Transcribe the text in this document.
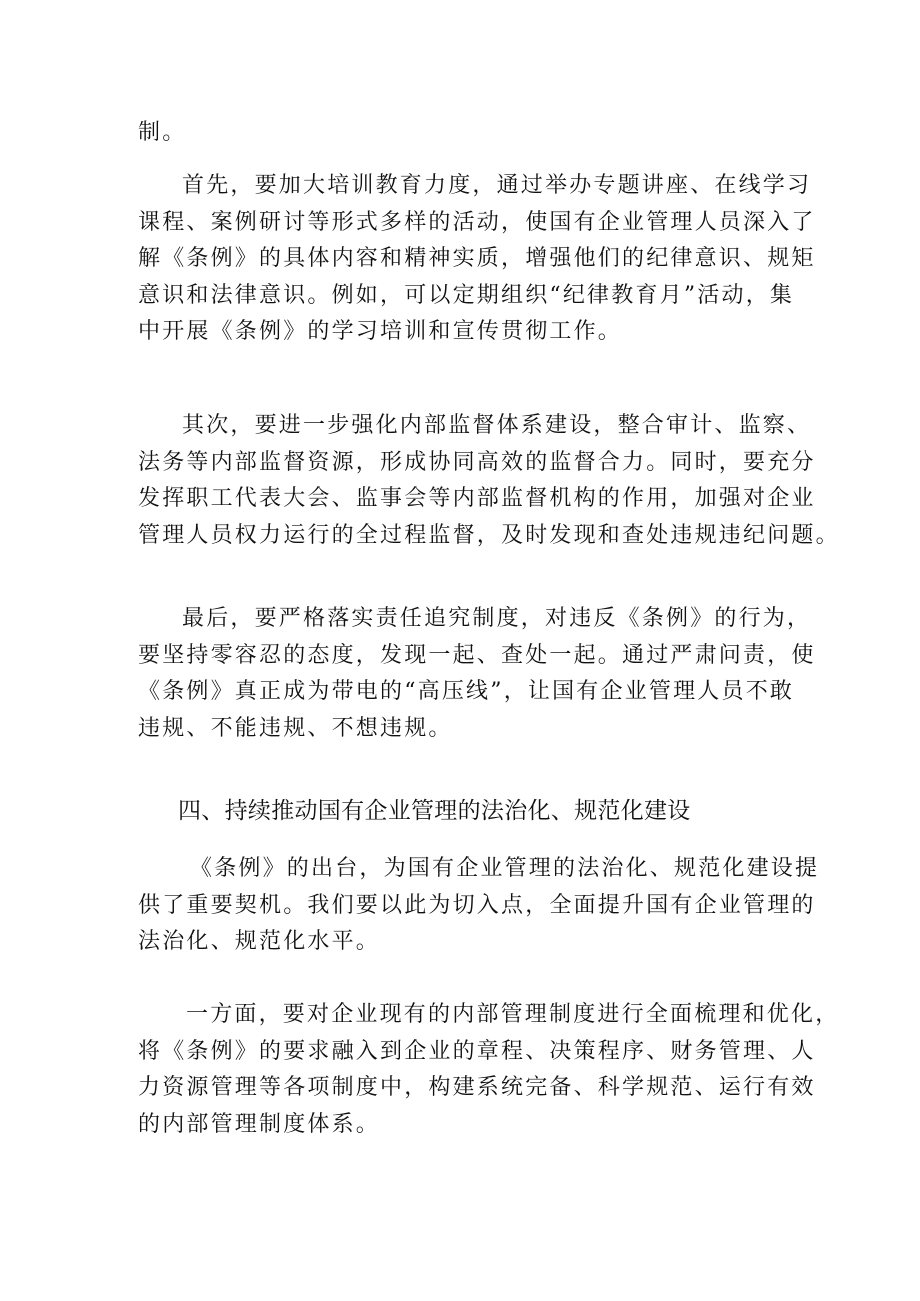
制。

首先，要加大培训教育力度，通过举办专题讲座、在线学习
课程、案例研讨等形式多样的活动，使国有企业管理人员深入了
解《条例》的具体内容和精神实质，增强他们的纪律意识、规矩
意识和法律意识。例如，可以定期组织“纪律教育月”活动，集
中开展《条例》的学习培训和宣传贯彻工作。

其次，要进一步强化内部监督体系建设，整合审计、监察、
法务等内部监督资源，形成协同高效的监督合力。同时，要充分
发挥职工代表大会、监事会等内部监督机构的作用，加强对企业
管理人员权力运行的全过程监督，及时发现和查处违规违纪问题。

最后，要严格落实责任追究制度，对违反《条例》的行为，
要坚持零容忍的态度，发现一起、查处一起。通过严肃问责，使
《条例》真正成为带电的“高压线”，让国有企业管理人员不敢
违规、不能违规、不想违规。

四、持续推动国有企业管理的法治化、规范化建设

《条例》的出台，为国有企业管理的法治化、规范化建设提
供了重要契机。我们要以此为切入点，全面提升国有企业管理的
法治化、规范化水平。

一方面，要对企业现有的内部管理制度进行全面梳理和优化，
将《条例》的要求融入到企业的章程、决策程序、财务管理、人
力资源管理等各项制度中，构建系统完备、科学规范、运行有效
的内部管理制度体系。
